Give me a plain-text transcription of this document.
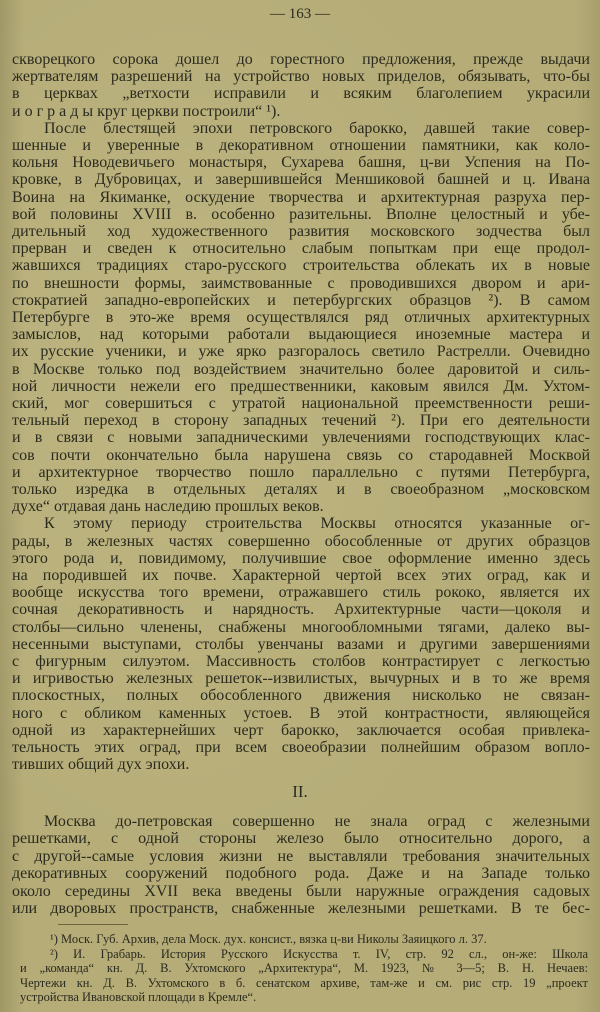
— 163 —
скворецкого сорока дошел до горестного предложения, прежде выдачи
жертвателям разрешений на устройство новых приделов, обязывать, что-бы
в церквах „ветхости исправили и всяким благолепием украсили
и о г р а д ы круг церкви построили“ ¹).
После блестящей эпохи петровского барокко, давшей такие совер-
шенные и уверенные в декоративном отношении памятники, как коло-
кольня Новодевичьего монастыря, Сухарева башня, ц-ви Успения на По-
кровке, в Дубровицах, и завершившейся Меншиковой башней и ц. Ивана
Воина на Якиманке, оскудение творчества и архитектурная разруха пер-
вой половины XVIII в. особенно разительны. Вполне целостный и убе-
дительный ход художественного развития московского зодчества был
прерван и сведен к относительно слабым попыткам при еще продол-
жавшихся традициях старо-русского строительства облекать их в новые
по внешности формы, заимствованные с проводившихся двором и ари-
стократией западно-европейских и петербургских образцов ²). В самом
Петербурге в это-же время осуществлялся ряд отличных архитектурных
замыслов, над которыми работали выдающиеся иноземные мастера и
их русские ученики, и уже ярко разгоралось светило Растрелли. Очевидно
в Москве только под воздействием значительно более даровитой и силь-
ной личности нежели его предшественники, каковым явился Дм. Ухтом-
ский, мог совершиться с утратой национальной преемственности реши-
тельный переход в сторону западных течений ²). При его деятельности
и в связи с новыми западническими увлечениями господствующих клас-
сов почти окончательно была нарушена связь со стародавней Москвой
и архитектурное творчество пошло параллельно с путями Петербурга,
только изредка в отдельных деталях и в своеобразном „московском
духе“ отдавая дань наследию прошлых веков.
К этому периоду строительства Москвы относятся указанные ог-
рады, в железных частях совершенно обособленные от других образцов
этого рода и, повидимому, получившие свое оформление именно здесь
на породившей их почве. Характерной чертой всех этих оград, как и
вообще искусства того времени, отражавшего стиль рококо, является их
сочная декоративность и нарядность. Архитектурные части—цоколя и
столбы—сильно членены, снабжены многообломными тягами, далеко вы-
несенными выступами, столбы увенчаны вазами и другими завершениями
с фигурным силуэтом. Массивность столбов контрастирует с легкостью
и игривостью железных решеток--извилистых, вычурных и в то же время
плоскостных, полных обособленного движения нисколько не связан-
ного с обликом каменных устоев. В этой контрастности, являющейся
одной из характернейших черт барокко, заключается особая привлека-
тельность этих оград, при всем своеобразии полнейшим образом вопло-
тивших общий дух эпохи.
II.
Москва до-петровская совершенно не знала оград с железными
решетками, с одной стороны железо было относительно дорого, а
с другой--самые условия жизни не выставляли требования значительных
декоративных сооружений подобного рода. Даже и на Западе только
около середины XVII века введены были наружные ограждения садовых
или дворовых пространств, снабженные железными решетками. В те бес-
¹) Моск. Губ. Архив, дела Моск. дух. консист., вязка ц-ви Николы Заяицкого л. 37.
²) И. Грабарь. История Русского Искусства т. IV, стр. 92 сл., он-же: Школа
и „команда“ кн. Д. В. Ухтомского „Архитектура“, М. 1923, № 3—5; В. Н. Нечаев:
Чертежи кн. Д. В. Ухтомского в б. сенатском архиве, там-же и см. рис стр. 19 „проект
устройства Ивановской площади в Кремле“.
